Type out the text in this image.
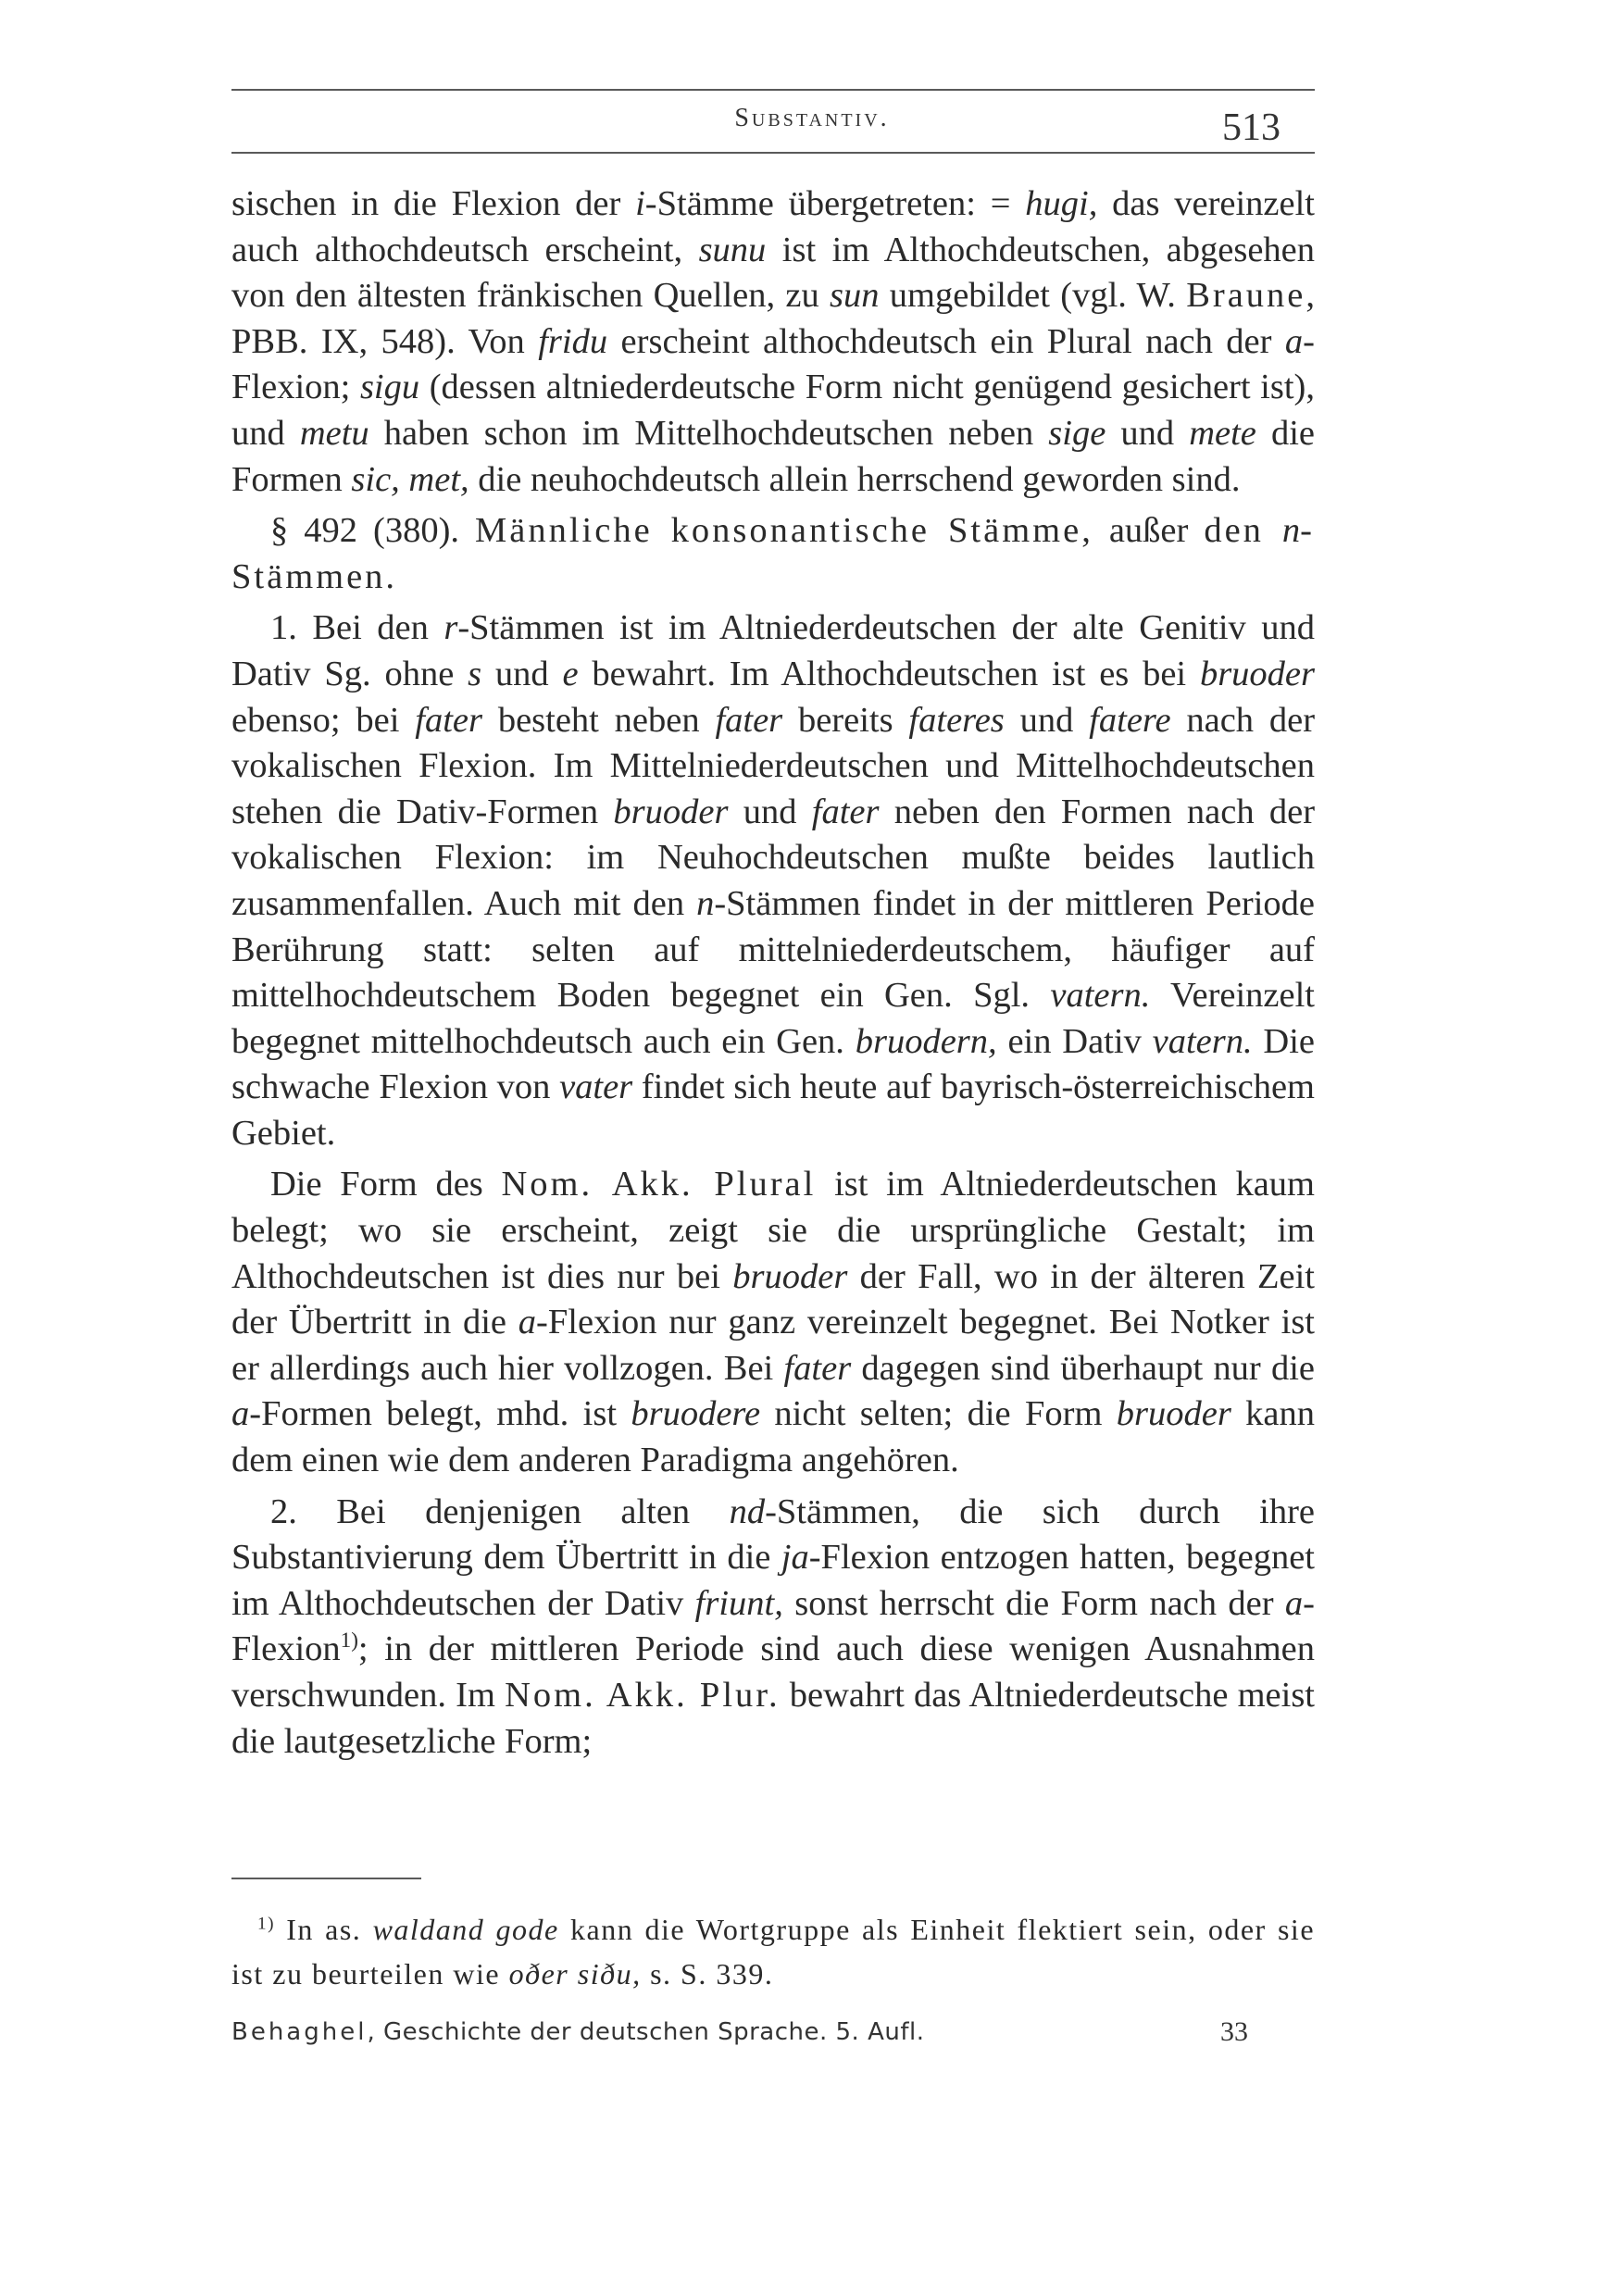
Substantiv.	513

sischen in die Flexion der i-Stämme übergetreten: = hugi, das vereinzelt auch althochdeutsch erscheint, sunu ist im Althochdeutschen, abgesehen von den ältesten fränkischen Quellen, zu sun umgebildet (vgl. W. Braune, PBB. IX, 548). Von fridu erscheint althochdeutsch ein Plural nach der a-Flexion; sigu (dessen altniederdeutsche Form nicht genügend gesichert ist), und metu haben schon im Mittelhochdeutschen neben sige und mete die Formen sic, met, die neuhochdeutsch allein herrschend geworden sind.

§ 492 (380). Männliche konsonantische Stämme, außer den n-Stämmen.

1. Bei den r-Stämmen ist im Altniederdeutschen der alte Genitiv und Dativ Sg. ohne s und e bewahrt. Im Althochdeutschen ist es bei bruoder ebenso; bei fater besteht neben fater bereits fateres und fatere nach der vokalischen Flexion. Im Mittelniederdeutschen und Mittelhochdeutschen stehen die Dativ-Formen bruoder und fater neben den Formen nach der vokalischen Flexion: im Neuhochdeutschen mußte beides lautlich zusammenfallen. Auch mit den n-Stämmen findet in der mittleren Periode Berührung statt: selten auf mittelniederdeutschem, häufiger auf mittelhochdeutschem Boden begegnet ein Gen. Sgl. vatern. Vereinzelt begegnet mittelhochdeutsch auch ein Gen. bruodern, ein Dativ vatern. Die schwache Flexion von vater findet sich heute auf bayrisch-österreichischem Gebiet.

Die Form des Nom. Akk. Plural ist im Altniederdeutschen kaum belegt; wo sie erscheint, zeigt sie die ursprüngliche Gestalt; im Althochdeutschen ist dies nur bei bruoder der Fall, wo in der älteren Zeit der Übertritt in die a-Flexion nur ganz vereinzelt begegnet. Bei Notker ist er allerdings auch hier vollzogen. Bei fater dagegen sind überhaupt nur die a-Formen belegt, mhd. ist bruodere nicht selten; die Form bruoder kann dem einen wie dem anderen Paradigma angehören.

2. Bei denjenigen alten nd-Stämmen, die sich durch ihre Substantivierung dem Übertritt in die ja-Flexion entzogen hatten, begegnet im Althochdeutschen der Dativ friunt, sonst herrscht die Form nach der a-Flexion$^{1)}$; in der mittleren Periode sind auch diese wenigen Ausnahmen verschwunden. Im Nom. Akk. Plur. bewahrt das Altniederdeutsche meist die lautgesetzliche Form;

$^{1)}$ In as. waldand gode kann die Wortgruppe als Einheit flektiert sein, oder sie ist zu beurteilen wie oðer siðu, s. S. 339.

Behaghel, Geschichte der deutschen Sprache. 5. Aufl.	33
